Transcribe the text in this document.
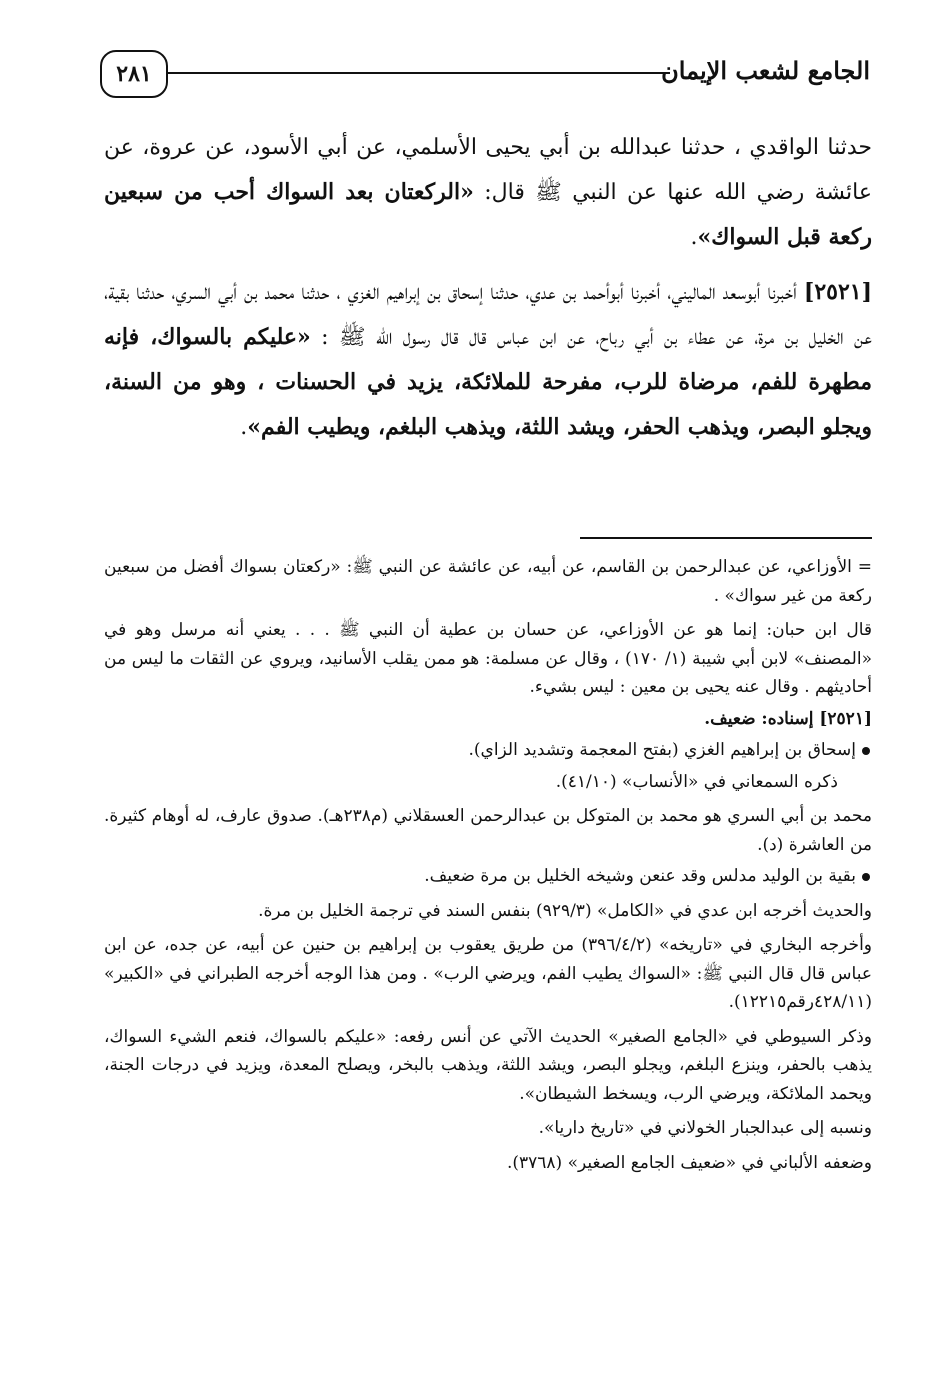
٢٨١	الجامع لشعب الإيمان

حدثنا الواقدي ، حدثنا عبدالله بن أبي يحيى الأسلمي، عن أبي الأسود، عن عروة، عن عائشة رضي الله عنها عن النبي ﷺ قال: «الركعتان بعد السواك أحب من سبعين ركعة قبل السواك».

[٢٥٢١] أخبرنا أبوسعد الماليني، أخبرنا أبوأحمد بن عدي، حدثنا إسحاق بن إبراهيم الغزي ، حدثنا محمد بن أبي السري، حدثنا بقية، عن الخليل بن مرة، عن عطاء بن أبي رباح، عن ابن عباس قال قال رسول الله ﷺ : «عليكم بالسواك، فإنه مطهرة للفم، مرضاة للرب، مفرحة للملائكة، يزيد في الحسنات ، وهو من السنة، ويجلو البصر، ويذهب الحفر، ويشد اللثة، ويذهب البلغم، ويطيب الفم».

= الأوزاعي، عن عبدالرحمن بن القاسم، عن أبيه، عن عائشة عن النبي ﷺ: «ركعتان بسواك أفضل من سبعين ركعة من غير سواك» .

قال ابن حبان: إنما هو عن الأوزاعي، عن حسان بن عطية أن النبي ﷺ . . . يعني أنه مرسل وهو في «المصنف» لابن أبي شيبة (١/ ١٧٠) ، وقال عن مسلمة: هو ممن يقلب الأسانيد، ويروي عن الثقات ما ليس من أحاديثهم . وقال عنه يحيى بن معين : ليس بشيء.

[٢٥٢١] إسناده: ضعيف.

إسحاق بن إبراهيم الغزي (بفتح المعجمة وتشديد الزاي).

ذكره السمعاني في «الأنساب» (٤١/١٠).

محمد بن أبي السري هو محمد بن المتوكل بن عبدالرحمن العسقلاني (م٢٣٨هـ). صدوق عارف، له أوهام كثيرة. من العاشرة (د).

بقية بن الوليد مدلس وقد عنعن وشيخه الخليل بن مرة ضعيف.

والحديث أخرجه ابن عدي في «الكامل» (٩٢٩/٣) بنفس السند في ترجمة الخليل بن مرة.

وأخرجه البخاري في «تاريخه» (٣٩٦/٤/٢) من طريق يعقوب بن إبراهيم بن حنين عن أبيه، عن جده، عن ابن عباس قال قال النبي ﷺ: «السواك يطيب الفم، ويرضي الرب» . ومن هذا الوجه أخرجه الطبراني في «الكبير» (٤٢٨/١١رقم١٢٢١٥).

وذكر السيوطي في «الجامع الصغير» الحديث الآتي عن أنس رفعه: «عليكم بالسواك، فنعم الشيء السواك، يذهب بالحفر، وينزع البلغم، ويجلو البصر، ويشد اللثة، ويذهب بالبخر، ويصلح المعدة، ويزيد في درجات الجنة، ويحمد الملائكة، ويرضي الرب، ويسخط الشيطان».

ونسبه إلى عبدالجبار الخولاني في «تاريخ داريا».

وضعفه الألباني في «ضعيف الجامع الصغير» (٣٧٦٨).
